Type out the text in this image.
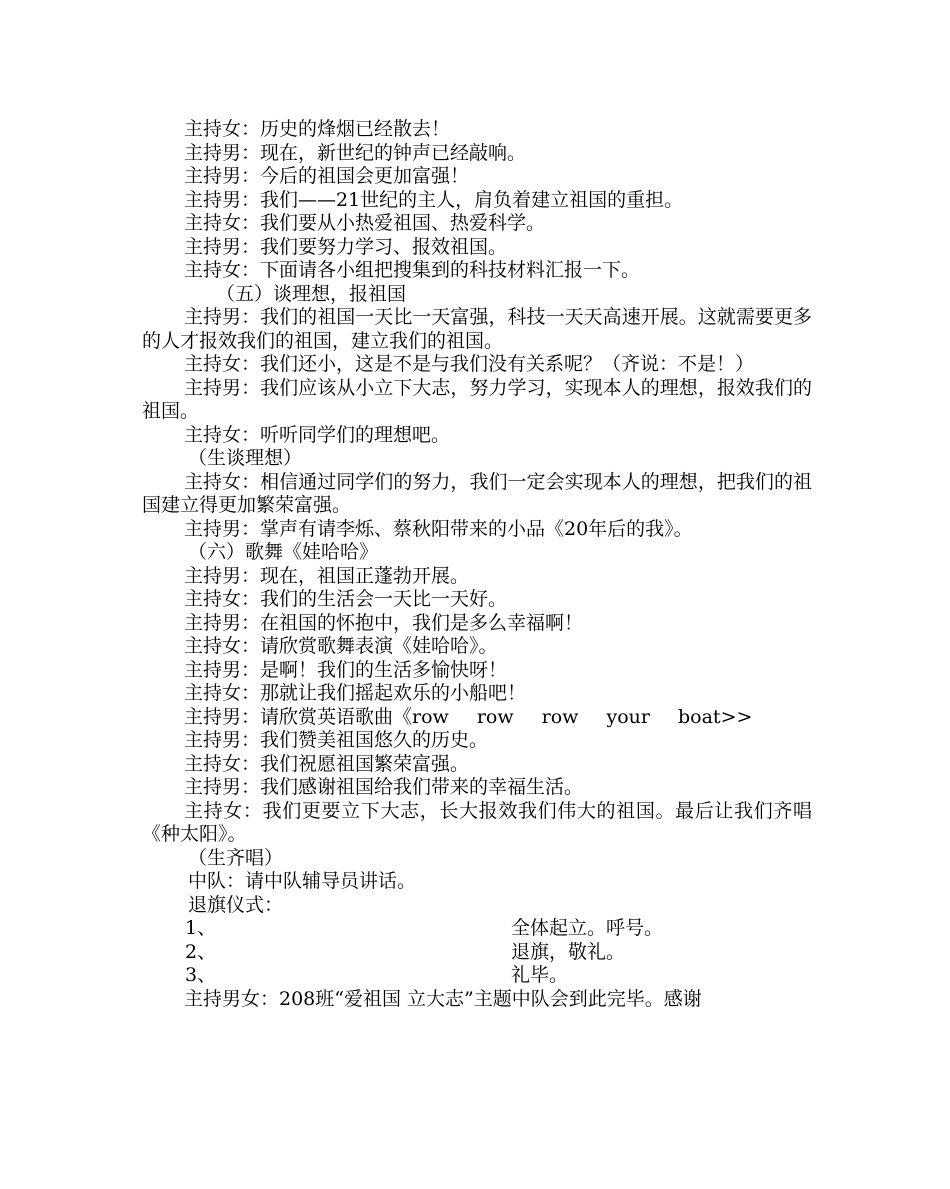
主持女：历史的烽烟已经散去！

主持男：现在，新世纪的钟声已经敲响。

主持男：今后的祖国会更加富强！

主持男：我们——21世纪的主人，肩负着建立祖国的重担。

主持女：我们要从小热爱祖国、热爱科学。

主持男：我们要努力学习、报效祖国。

主持女：下面请各小组把搜集到的科技材料汇报一下。

（五）谈理想，报祖国

主持男：我们的祖国一天比一天富强，科技一天天高速开展。这就需要更多的人才报效我们的祖国，建立我们的祖国。

主持女：我们还小，这是不是与我们没有关系呢？（齐说：不是！）

主持男：我们应该从小立下大志，努力学习，实现本人的理想，报效我们的祖国。

主持女：听听同学们的理想吧。

（生谈理想）

主持女：相信通过同学们的努力，我们一定会实现本人的理想，把我们的祖国建立得更加繁荣富强。

主持男：掌声有请李烁、蔡秋阳带来的小品《20年后的我》。

（六）歌舞《娃哈哈》

主持男：现在，祖国正蓬勃开展。

主持女：我们的生活会一天比一天好。

主持男：在祖国的怀抱中，我们是多么幸福啊！

主持女：请欣赏歌舞表演《娃哈哈》。

主持男：是啊！我们的生活多愉快呀！

主持女：那就让我们摇起欢乐的小船吧！

主持男：请欣赏英语歌曲《row row row your boat>>

主持男：我们赞美祖国悠久的历史。

主持女：我们祝愿祖国繁荣富强。

主持男：我们感谢祖国给我们带来的幸福生活。

主持女：我们更要立下大志，长大报效我们伟大的祖国。最后让我们齐唱《种太阳》。

（生齐唱）

中队：请中队辅导员讲话。

退旗仪式：

1、	全体起立。呼号。
2、	退旗，敬礼。
3、	礼毕。

主持男女：208班“爱祖国 立大志”主题中队会到此完毕。感谢
